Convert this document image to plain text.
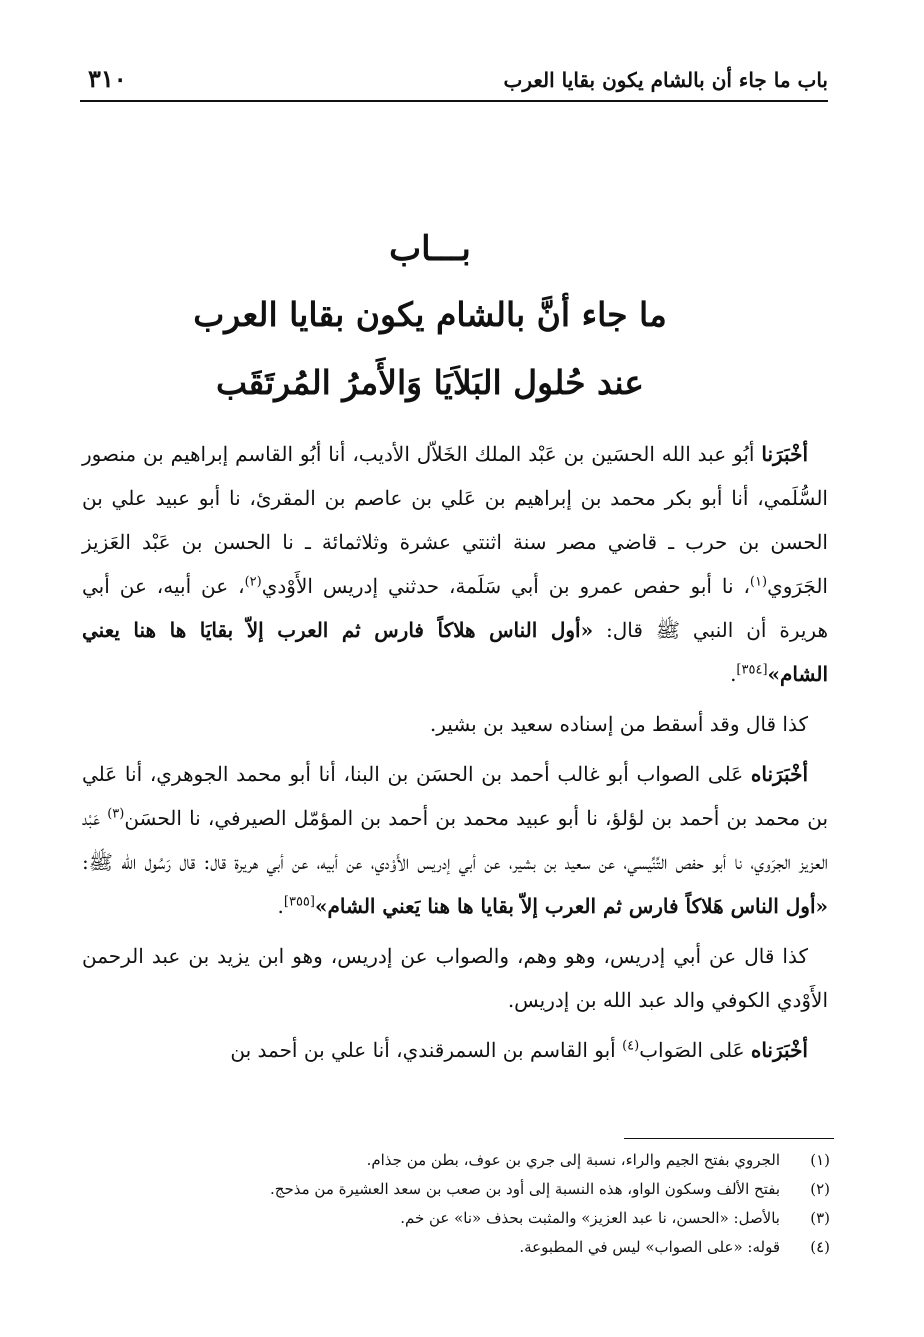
باب ما جاء أن بالشام يكون بقايا العرب
٣١٠
بـــاب
ما جاء أنَّ بالشام يكون بقايا العرب
عند حُلول البَلاَيَا وَالأَمرُ المُرتَقَب

أخْبَرَنا أبُو عبد الله الحسَين بن عَبْد الملك الخَلاّل الأديب، أنا أبُو القاسم إبراهيم بن منصور السُّلَمي، أنا أبو بكر محمد بن إبراهيم بن عَلي بن عاصم بن المقرئ، نا أبو عبيد علي بن الحسن بن حرب ـ قاضي مصر سنة اثنتي عشرة وثلاثمائة ـ نا الحسن بن عَبْد العَزيز الجَرَوي$^{(١)}$، نا أبو حفص عمرو بن أبي سَلَمة، حدثني إدريس الأَوْدي$^{(٢)}$، عن أبيه، عن أبي هريرة أن النبي ﷺ قال: «أول الناس هلاكاً فارس ثم العرب إلاّ بقايَا ها هنا يعني الشام»[٣٥٤].

كذا قال وقد أسقط من إسناده سعيد بن بشير.

أخْبَرَناه عَلى الصواب أبو غالب أحمد بن الحسَن بن البنا، أنا أبو محمد الجوهري، أنا عَلي بن محمد بن أحمد بن لؤلؤ، نا أبو عبيد محمد بن أحمد بن المؤمّل الصيرفي، نا الحسَن$^{(٣)}$ عَبْد العزيز الجرَوي، نا أبو حفص التِّنِّيسي، عن سعيد بن بشير، عن أبي إدريس الأَوْدي، عن أبيه، عن أبي هريرة قال: قال رَسُول الله ﷺ: «أول الناس هَلاكاً فارس ثم العرب إلاّ بقايا ها هنا يَعني الشام»[٣٥٥].

كذا قال عن أبي إدريس، وهو وهم، والصواب عن إدريس، وهو ابن يزيد بن عبد الرحمن الأَوْدي الكوفي والد عبد الله بن إدريس.

أخْبَرَناه عَلى الصَواب$^{(٤)}$ أبو القاسم بن السمرقندي، أنا علي بن أحمد بن

(١)
الجروي بفتح الجيم والراء، نسبة إلى جري بن عوف، بطن من جذام.
(٢)
بفتح الألف وسكون الواو، هذه النسبة إلى أود بن صعب بن سعد العشيرة من مذحج.
(٣)
بالأصل: «الحسن، نا عبد العزيز» والمثبت بحذف «نا» عن خم.
(٤)
قوله: «على الصواب» ليس في المطبوعة.
